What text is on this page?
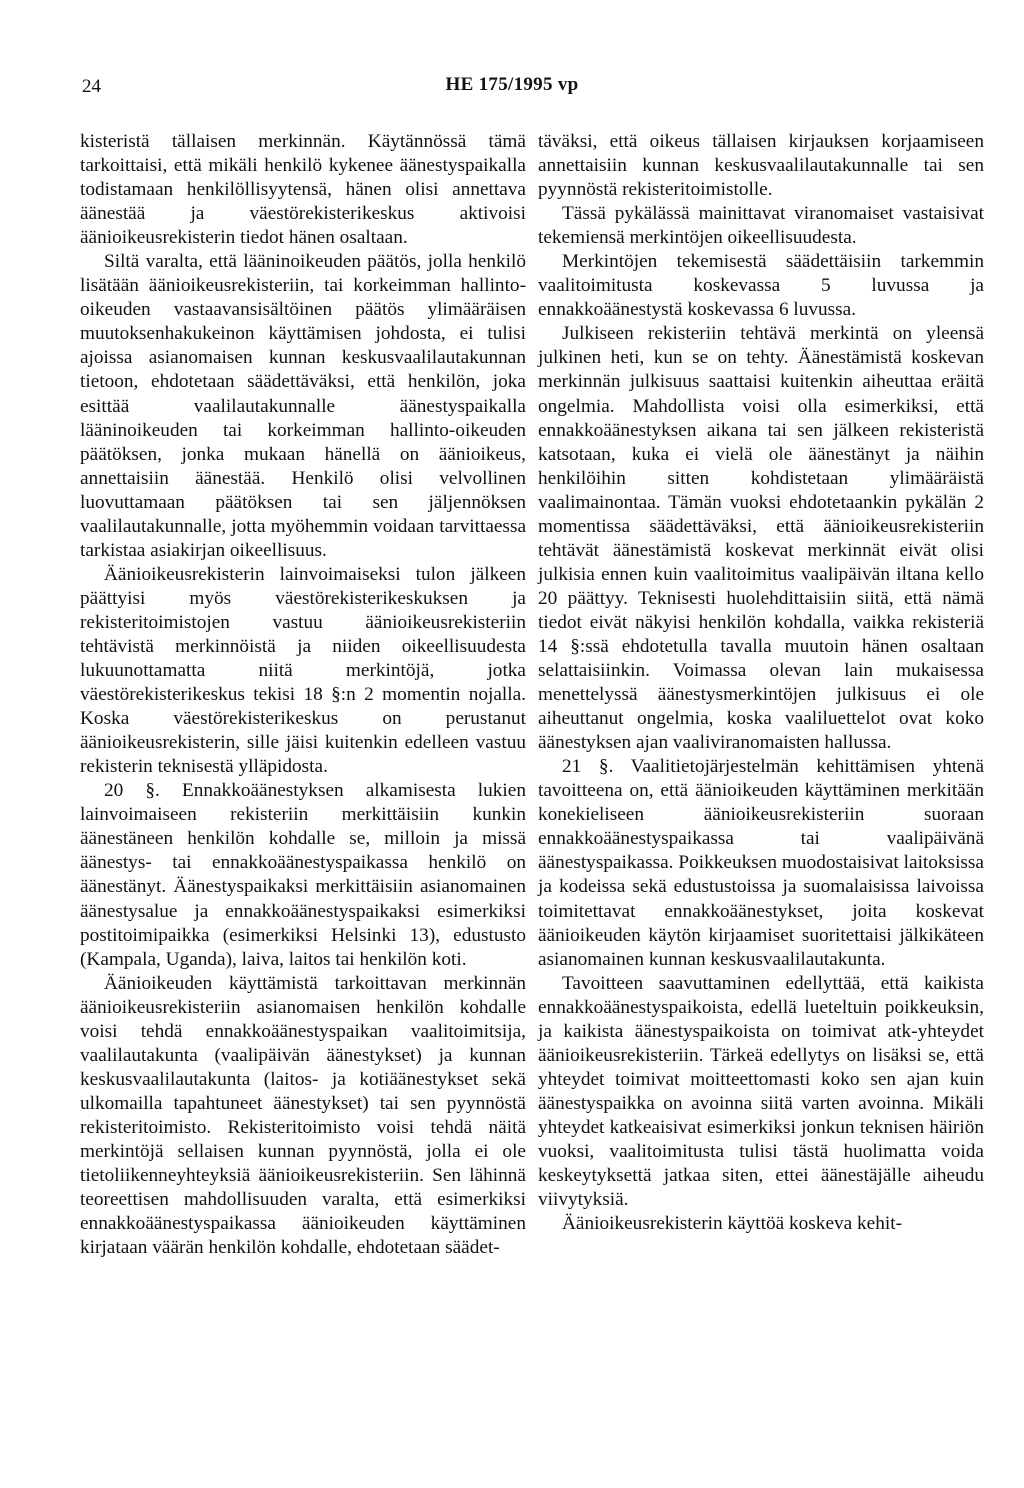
24	HE 175/1995 vp

kisteristä tällaisen merkinnän. Käytännössä tämä tarkoittaisi, että mikäli henkilö kykenee äänestyspaikalla todistamaan henkilöllisyytensä, hänen olisi annettava äänestää ja väestörekisterikeskus aktivoisi äänioikeusrekisterin tiedot hänen osaltaan.

Siltä varalta, että lääninoikeuden päätös, jolla henkilö lisätään äänioikeusrekisteriin, tai korkeimman hallinto-oikeuden vastaavansisältöinen päätös ylimääräisen muutoksenhakukeinon käyttämisen johdosta, ei tulisi ajoissa asianomaisen kunnan keskusvaalilautakunnan tietoon, ehdotetaan säädettäväksi, että henkilön, joka esittää vaalilautakunnalle äänestyspaikalla lääninoikeuden tai korkeimman hallinto-oikeuden päätöksen, jonka mukaan hänellä on äänioikeus, annettaisiin äänestää. Henkilö olisi velvollinen luovuttamaan päätöksen tai sen jäljennöksen vaalilautakunnalle, jotta myöhemmin voidaan tarvittaessa tarkistaa asiakirjan oikeellisuus.

Äänioikeusrekisterin lainvoimaiseksi tulon jälkeen päättyisi myös väestörekisterikeskuksen ja rekisteritoimistojen vastuu äänioikeusrekisteriin tehtävistä merkinnöistä ja niiden oikeellisuudesta lukuunottamatta niitä merkintöjä, jotka väestörekisterikeskus tekisi 18 §:n 2 momentin nojalla. Koska väestörekisterikeskus on perustanut äänioikeusrekisterin, sille jäisi kuitenkin edelleen vastuu rekisterin teknisestä ylläpidosta.

20 §. Ennakkoäänestyksen alkamisesta lukien lainvoimaiseen rekisteriin merkittäisiin kunkin äänestäneen henkilön kohdalle se, milloin ja missä äänestys- tai ennakkoäänestyspaikassa henkilö on äänestänyt. Äänestyspaikaksi merkittäisiin asianomainen äänestysalue ja ennakkoäänestyspaikaksi esimerkiksi postitoimipaikka (esimerkiksi Helsinki 13), edustusto (Kampala, Uganda), laiva, laitos tai henkilön koti.

Äänioikeuden käyttämistä tarkoittavan merkinnän äänioikeusrekisteriin asianomaisen henkilön kohdalle voisi tehdä ennakkoäänestyspaikan vaalitoimitsija, vaalilautakunta (vaalipäivän äänestykset) ja kunnan keskusvaalilautakunta (laitos- ja kotiäänestykset sekä ulkomailla tapahtuneet äänestykset) tai sen pyynnöstä rekisteritoimisto. Rekisteritoimisto voisi tehdä näitä merkintöjä sellaisen kunnan pyynnöstä, jolla ei ole tietoliikenneyhteyksiä äänioikeusrekisteriin. Sen lähinnä teoreettisen mahdollisuuden varalta, että esimerkiksi ennakkoäänestyspaikassa äänioikeuden käyttäminen kirjataan väärän henkilön kohdalle, ehdotetaan säädet-

täväksi, että oikeus tällaisen kirjauksen korjaamiseen annettaisiin kunnan keskusvaalilautakunnalle tai sen pyynnöstä rekisteritoimistolle.

Tässä pykälässä mainittavat viranomaiset vastaisivat tekemiensä merkintöjen oikeellisuudesta.

Merkintöjen tekemisestä säädettäisiin tarkemmin vaalitoimitusta koskevassa 5 luvussa ja ennakkoäänestystä koskevassa 6 luvussa.

Julkiseen rekisteriin tehtävä merkintä on yleensä julkinen heti, kun se on tehty. Äänestämistä koskevan merkinnän julkisuus saattaisi kuitenkin aiheuttaa eräitä ongelmia. Mahdollista voisi olla esimerkiksi, että ennakkoäänestyksen aikana tai sen jälkeen rekisteristä katsotaan, kuka ei vielä ole äänestänyt ja näihin henkilöihin sitten kohdistetaan ylimääräistä vaalimainontaa. Tämän vuoksi ehdotetaankin pykälän 2 momentissa säädettäväksi, että äänioikeusrekisteriin tehtävät äänestämistä koskevat merkinnät eivät olisi julkisia ennen kuin vaalitoimitus vaalipäivän iltana kello 20 päättyy. Teknisesti huolehdittaisiin siitä, että nämä tiedot eivät näkyisi henkilön kohdalla, vaikka rekisteriä 14 §:ssä ehdotetulla tavalla muutoin hänen osaltaan selattaisiinkin. Voimassa olevan lain mukaisessa menettelyssä äänestysmerkintöjen julkisuus ei ole aiheuttanut ongelmia, koska vaaliluettelot ovat koko äänestyksen ajan vaaliviranomaisten hallussa.

21 §. Vaalitietojärjestelmän kehittämisen yhtenä tavoitteena on, että äänioikeuden käyttäminen merkitään konekieliseen äänioikeusrekisteriin suoraan ennakkoäänestyspaikassa tai vaalipäivänä äänestyspaikassa. Poikkeuksen muodostaisivat laitoksissa ja kodeissa sekä edustustoissa ja suomalaisissa laivoissa toimitettavat ennakkoäänestykset, joita koskevat äänioikeuden käytön kirjaamiset suoritettaisi jälkikäteen asianomainen kunnan keskusvaalilautakunta.

Tavoitteen saavuttaminen edellyttää, että kaikista ennakkoäänestyspaikoista, edellä lueteltuin poikkeuksin, ja kaikista äänestyspaikoista on toimivat atk-yhteydet äänioikeusrekisteriin. Tärkeä edellytys on lisäksi se, että yhteydet toimivat moitteettomasti koko sen ajan kuin äänestyspaikka on avoinna siitä varten avoinna. Mikäli yhteydet katkeaisivat esimerkiksi jonkun teknisen häiriön vuoksi, vaalitoimitusta tulisi tästä huolimatta voida keskeytyksettä jatkaa siten, ettei äänestäjälle aiheudu viivytyksiä.

Äänioikeusrekisterin käyttöä koskeva kehit-
